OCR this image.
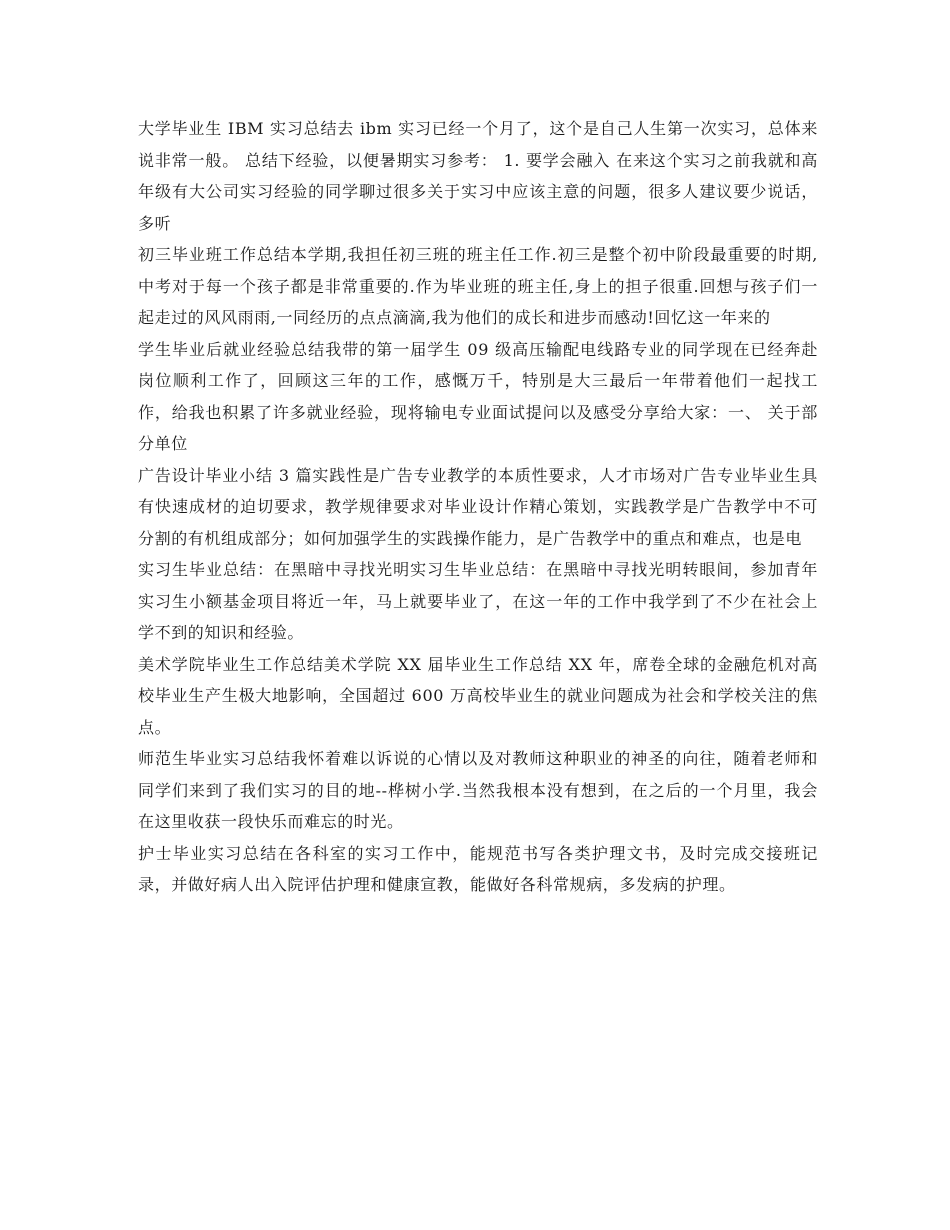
大学毕业生 IBM 实习总结去 ibm 实习已经一个月了，这个是自己人生第一次实习，总体来说非常一般。 总结下经验，以便暑期实习参考： 1. 要学会融入 在来这个实习之前我就和高年级有大公司实习经验的同学聊过很多关于实习中应该主意的问题，很多人建议要少说话，多听

初三毕业班工作总结本学期,我担任初三班的班主任工作.初三是整个初中阶段最重要的时期,中考对于每一个孩子都是非常重要的.作为毕业班的班主任,身上的担子很重.回想与孩子们一起走过的风风雨雨,一同经历的点点滴滴,我为他们的成长和进步而感动!回忆这一年来的

学生毕业后就业经验总结我带的第一届学生 09 级高压输配电线路专业的同学现在已经奔赴岗位顺利工作了，回顾这三年的工作，感慨万千，特别是大三最后一年带着他们一起找工作，给我也积累了许多就业经验，现将输电专业面试提问以及感受分享给大家：一、 关于部分单位

广告设计毕业小结 3 篇实践性是广告专业教学的本质性要求，人才市场对广告专业毕业生具有快速成材的迫切要求，教学规律要求对毕业设计作精心策划，实践教学是广告教学中不可分割的有机组成部分；如何加强学生的实践操作能力，是广告教学中的重点和难点，也是电

实习生毕业总结：在黑暗中寻找光明实习生毕业总结：在黑暗中寻找光明转眼间，参加青年实习生小额基金项目将近一年，马上就要毕业了，在这一年的工作中我学到了不少在社会上学不到的知识和经验。

美术学院毕业生工作总结美术学院 XX 届毕业生工作总结 XX 年，席卷全球的金融危机对高校毕业生产生极大地影响，全国超过 600 万高校毕业生的就业问题成为社会和学校关注的焦点。

师范生毕业实习总结我怀着难以诉说的心情以及对教师这种职业的神圣的向往，随着老师和同学们来到了我们实习的目的地--桦树小学.当然我根本没有想到，在之后的一个月里，我会在这里收获一段快乐而难忘的时光。

护士毕业实习总结在各科室的实习工作中，能规范书写各类护理文书，及时完成交接班记录，并做好病人出入院评估护理和健康宣教，能做好各科常规病，多发病的护理。
